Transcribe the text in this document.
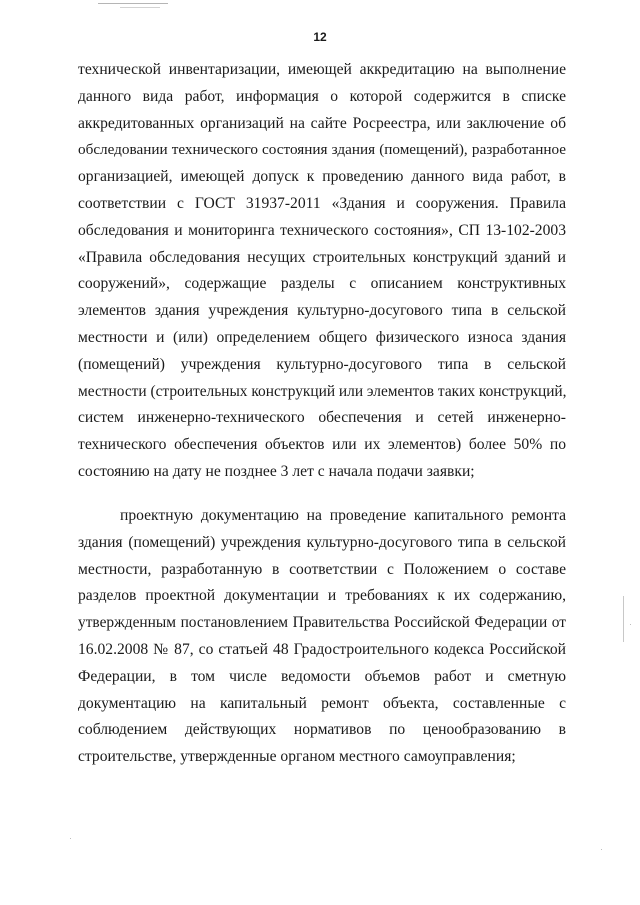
12
технической инвентаризации, имеющей аккредитацию на выполнение
данного вида работ, информация о которой содержится в списке
аккредитованных организаций на сайте Росреестра, или заключение об
обследовании технического состояния здания (помещений), разработанное
организацией, имеющей допуск к проведению данного вида работ, в
соответствии с ГОСТ 31937-2011 «Здания и сооружения. Правила
обследования и мониторинга технического состояния», СП 13-102-2003
«Правила обследования несущих строительных конструкций зданий и
сооружений», содержащие разделы с описанием конструктивных
элементов здания учреждения культурно-досугового типа в сельской
местности и (или) определением общего физического износа здания
(помещений) учреждения культурно-досугового типа в сельской
местности (строительных конструкций или элементов таких конструкций,
систем инженерно-технического обеспечения и сетей инженерно-
технического обеспечения объектов или их элементов) более 50% по
состоянию на дату не позднее 3 лет с начала подачи заявки;
проектную документацию на проведение капитального ремонта
здания (помещений) учреждения культурно-досугового типа в сельской
местности, разработанную в соответствии с Положением о составе
разделов проектной документации и требованиях к их содержанию,
утвержденным постановлением Правительства Российской Федерации от
16.02.2008 № 87, со статьей 48 Градостроительного кодекса Российской
Федерации, в том числе ведомости объемов работ и сметную
документацию на капитальный ремонт объекта, составленные с
соблюдением действующих нормативов по ценообразованию в
строительстве, утвержденные органом местного самоуправления;
